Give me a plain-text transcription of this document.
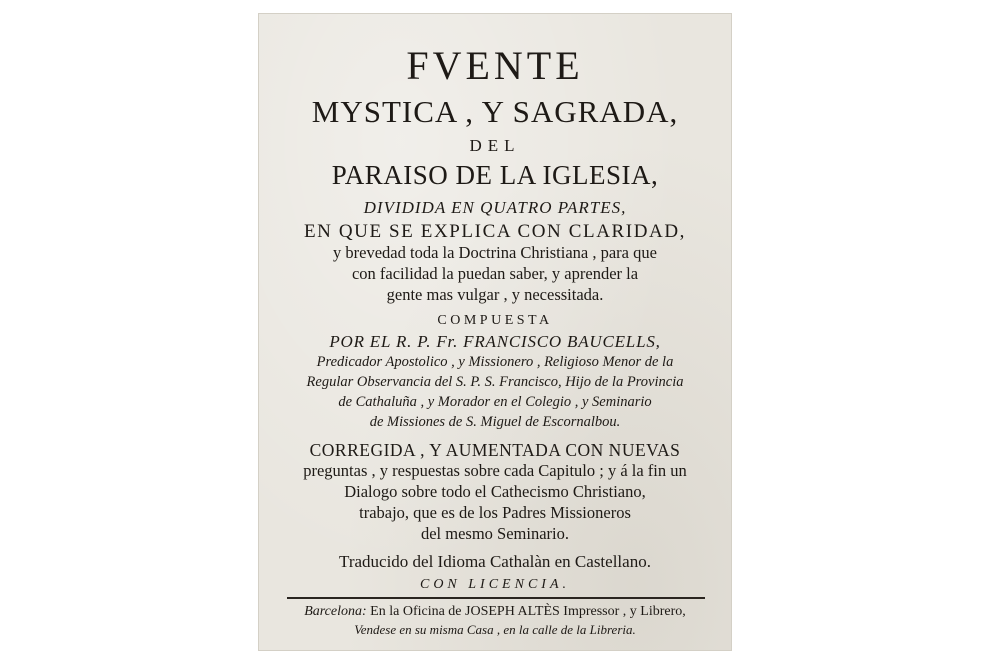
FVENTE
MYSTICA , Y SAGRADA,
DEL
PARAISO DE LA IGLESIA,
DIVIDIDA EN QUATRO PARTES,
EN QUE SE EXPLICA CON CLARIDAD,
y brevedad toda la Doctrina Christiana , para que
con facilidad la puedan saber, y aprender la
gente mas vulgar , y necessitada.
COMPUESTA
POR EL R. P. Fr. FRANCISCO BAUCELLS,
Predicador Apostolico , y Missionero , Religioso Menor de la
Regular Observancia del S. P. S. Francisco, Hijo de la Provincia
de Cathaluña , y Morador en el Colegio , y Seminario
de Missiones de S. Miguel de Escornalbou.
CORREGIDA , Y AUMENTADA CON NUEVAS
preguntas , y respuestas sobre cada Capitulo ; y á la fin un
Dialogo sobre todo el Cathecismo Christiano,
trabajo, que es de los Padres Missioneros
del mesmo Seminario.
Traducido del Idioma Cathalàn en Castellano.
CON LICENCIA.
Barcelona: En la Oficina de JOSEPH ALTÈS Impressor , y Librero,
Vendese en su misma Casa , en la calle de la Libreria.
